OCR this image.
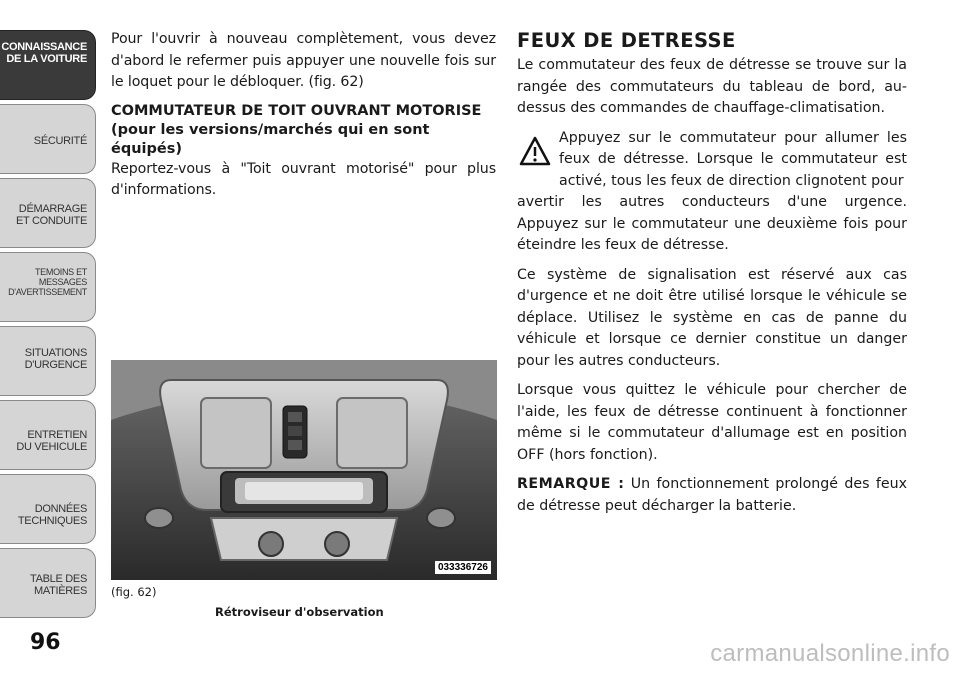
CONNAISSANCE
DE LA VOITURE
SÉCURITÉ
DÉMARRAGE
ET CONDUITE
TEMOINS ET
MESSAGES
D'AVERTISSEMENT
SITUATIONS
D'URGENCE
ENTRETIEN
DU VEHICULE
DONNÉES
TECHNIQUES
TABLE DES
MATIÈRES
96

Pour l'ouvrir à nouveau complètement, vous devez d'abord le refermer puis appuyer une nouvelle fois sur le loquet pour le débloquer. (fig. 62)

COMMUTATEUR DE TOIT OUVRANT MOTORISE (pour les versions/marchés qui en sont équipés)

Reportez-vous à "Toit ouvrant motorisé" pour plus d'informations.

033336726
(fig. 62)
Rétroviseur d'observation
FEUX DE DETRESSE

Le commutateur des feux de détresse se trouve sur la rangée des commutateurs du tableau de bord, au-dessus des commandes de chauffage-climatisation.

Appuyez sur le commutateur pour allumer les feux de détresse. Lorsque le commutateur est activé, tous les feux de direction clignotent pour

avertir les autres conducteurs d'une urgence. Appuyez sur le commutateur une deuxième fois pour éteindre les feux de détresse.

Ce système de signalisation est réservé aux cas d'urgence et ne doit être utilisé lorsque le véhicule se déplace. Utilisez le système en cas de panne du véhicule et lorsque ce dernier constitue un danger pour les autres conducteurs.

Lorsque vous quittez le véhicule pour chercher de l'aide, les feux de détresse continuent à fonctionner même si le commutateur d'allumage est en position OFF (hors fonction).

REMARQUE : Un fonctionnement prolongé des feux de détresse peut décharger la batterie.

carmanualsonline.info
